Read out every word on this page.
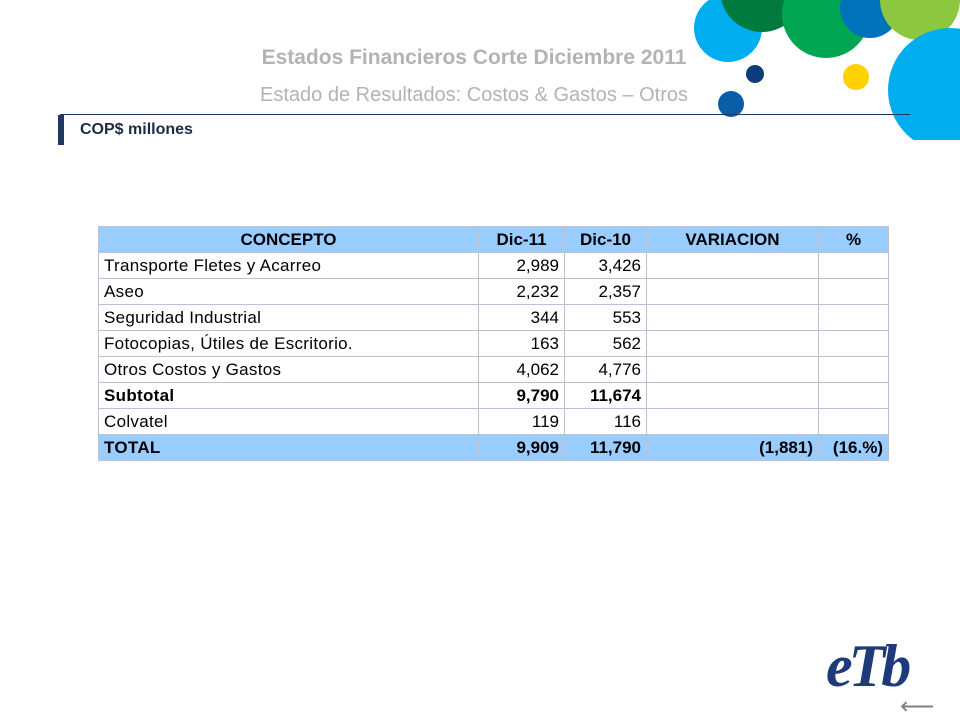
Estados Financieros Corte Diciembre 2011
Estado de Resultados: Costos & Gastos – Otros
COP$ millones
CONCEPTO	Dic-11	Dic-10	VARIACION	%
Transporte Fletes y Acarreo	2,989	3,426		
Aseo	2,232	2,357		
Seguridad Industrial	344	553		
Fotocopias, Útiles de Escritorio.	163	562		
Otros Costos y Gastos	4,062	4,776		
Subtotal	9,790	11,674		
Colvatel	119	116		
TOTAL	9,909	11,790	(1,881)	(16.%)
eTb
⟵
